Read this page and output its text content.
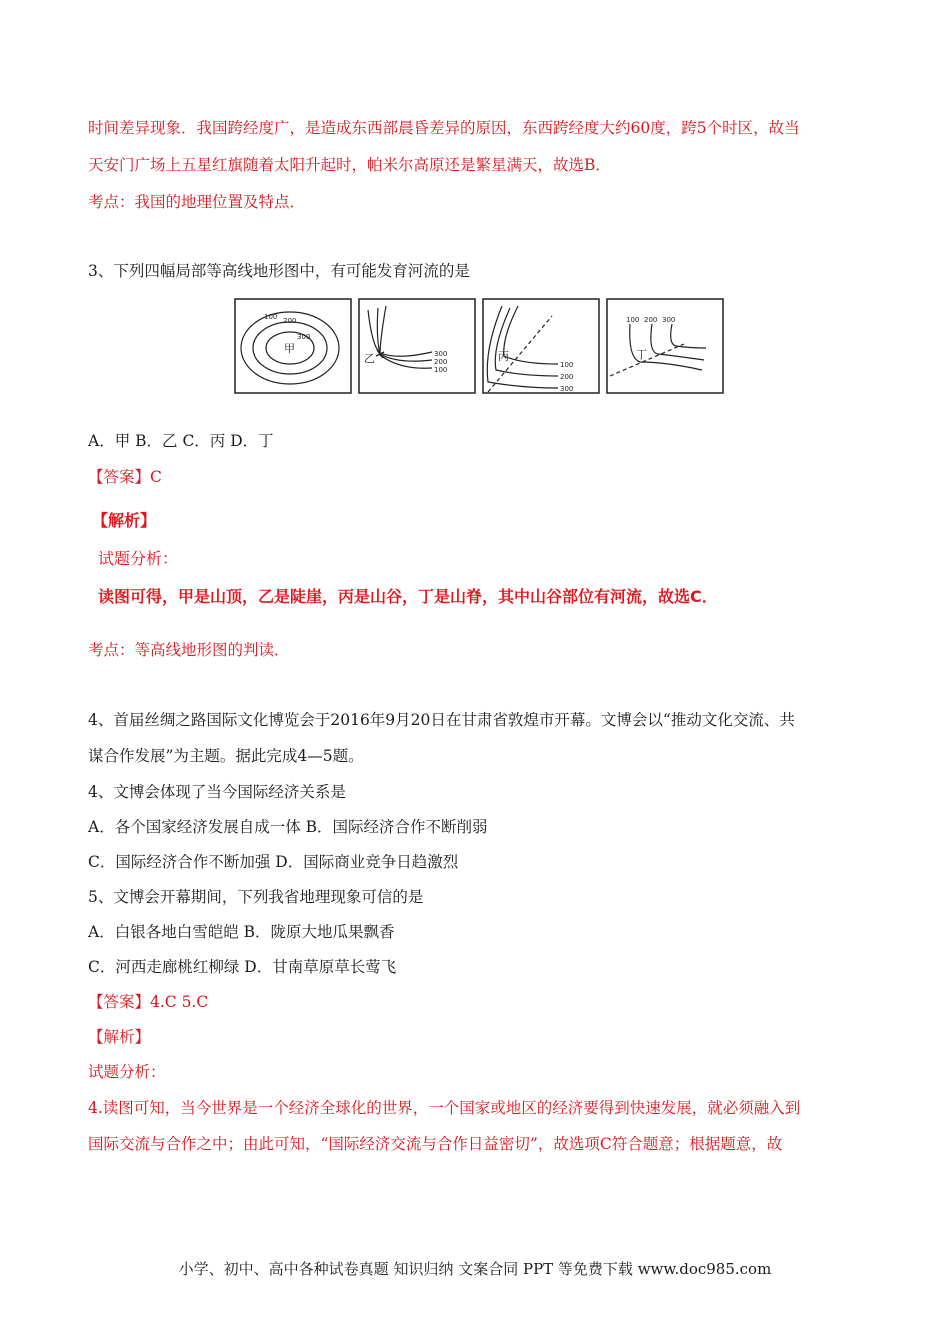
时间差异现象．我国跨经度广，是造成东西部晨昏差异的原因，东西跨经度大约60度，跨5个时区，故当
天安门广场上五星红旗随着太阳升起时，帕米尔高原还是繁星满天，故选B．
考点：我国的地理位置及特点．
3、下列四幅局部等高线地形图中，有可能发育河流的是
100 200
300
甲
乙	300
200
100
丙
100
200
300
100 200 300
丁
A．甲 B．乙 C．丙 D．丁
【答案】C
【解析】
试题分析：
读图可得，甲是山顶，乙是陡崖，丙是山谷，丁是山脊，其中山谷部位有河流，故选C．
考点：等高线地形图的判读．
4、首届丝绸之路国际文化博览会于2016年9月20日在甘肃省敦煌市开幕。文博会以“推动文化交流、共
谋合作发展”为主题。据此完成4—5题。
4、文博会体现了当今国际经济关系是
A．各个国家经济发展自成一体 B．国际经济合作不断削弱
C．国际经济合作不断加强 D．国际商业竞争日趋激烈
5、文博会开幕期间，下列我省地理现象可信的是
A．白银各地白雪皑皑 B．陇原大地瓜果飘香
C．河西走廊桃红柳绿 D．甘南草原草长莺飞
【答案】4.C 5.C
【解析】
试题分析：
4.读图可知，当今世界是一个经济全球化的世界，一个国家或地区的经济要得到快速发展，就必须融入到
国际交流与合作之中；由此可知，“国际经济交流与合作日益密切”，故选项C符合题意；根据题意，故
小学、初中、高中各种试卷真题 知识归纳 文案合同 PPT 等免费下载 www.doc985.com
